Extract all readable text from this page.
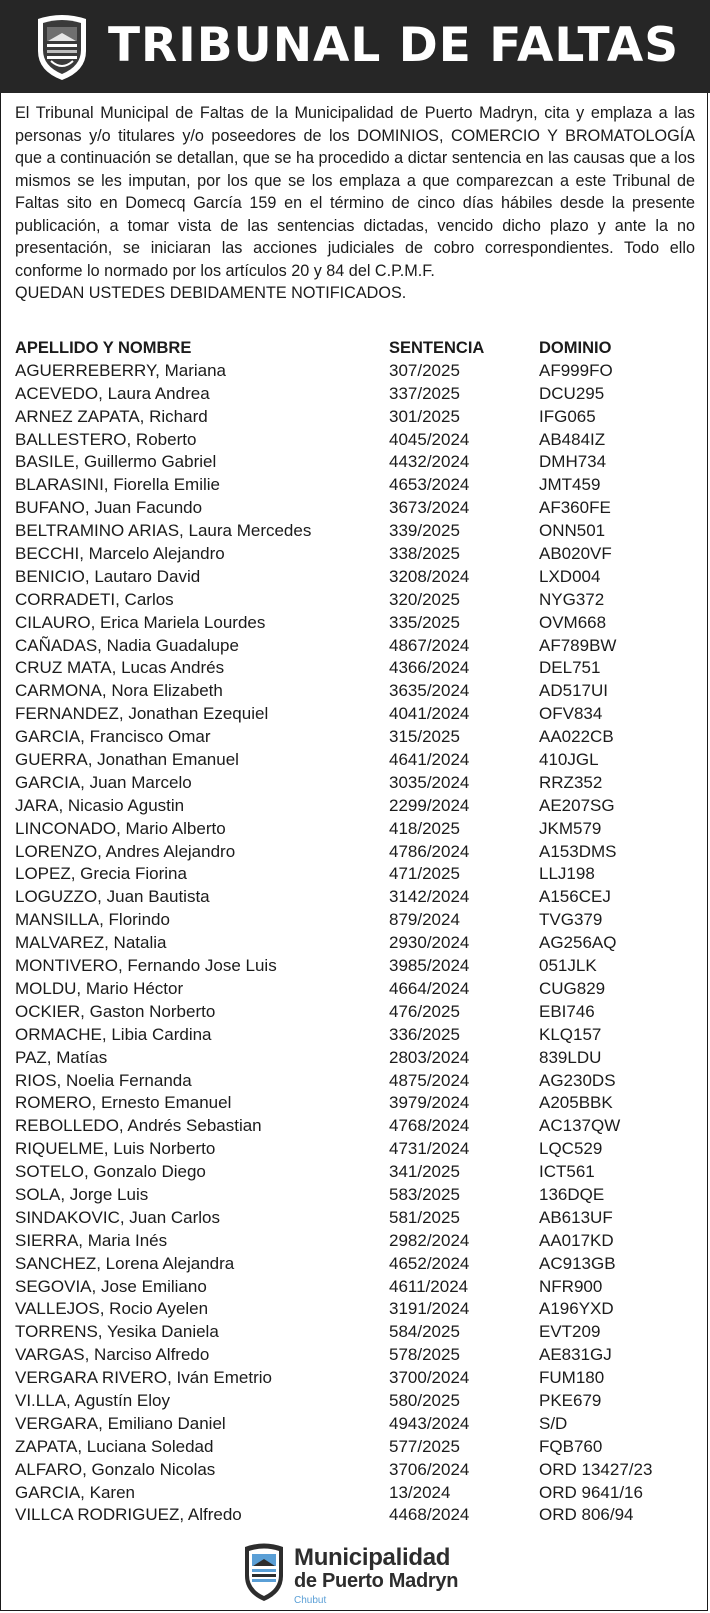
TRIBUNAL DE FALTAS

El Tribunal Municipal de Faltas de la Municipalidad de Puerto Madryn, cita y emplaza a las personas y/o titulares y/o poseedores de los DOMINIOS, COMERCIO Y BROMATOLOGÍA que a continuación se detallan, que se ha procedido a dictar sentencia en las causas que a los mismos se les imputan, por los que se los emplaza a que comparezcan a este Tribunal de Faltas sito en Domecq García 159 en el término de cinco días hábiles desde la presente publicación, a tomar vista de las sentencias dictadas, vencido dicho plazo y ante la no presentación, se iniciaran las acciones judiciales de cobro correspondientes. Todo ello conforme lo normado por los artículos 20 y 84 del C.P.M.F.

QUEDAN USTEDES DEBIDAMENTE NOTIFICADOS.

APELLIDO Y NOMBRE	SENTENCIA	DOMINIO
AGUERREBERRY, Mariana	307/2025	AF999FO
ACEVEDO, Laura Andrea	337/2025	DCU295
ARNEZ ZAPATA, Richard	301/2025	IFG065
BALLESTERO, Roberto	4045/2024	AB484IZ
BASILE, Guillermo Gabriel	4432/2024	DMH734
BLARASINI, Fiorella Emilie	4653/2024	JMT459
BUFANO, Juan Facundo	3673/2024	AF360FE
BELTRAMINO ARIAS, Laura Mercedes	339/2025	ONN501
BECCHI, Marcelo Alejandro	338/2025	AB020VF
BENICIO, Lautaro David	3208/2024	LXD004
CORRADETI, Carlos	320/2025	NYG372
CILAURO, Erica Mariela Lourdes	335/2025	OVM668
CAÑADAS, Nadia Guadalupe	4867/2024	AF789BW
CRUZ MATA, Lucas Andrés	4366/2024	DEL751
CARMONA, Nora Elizabeth	3635/2024	AD517UI
FERNANDEZ, Jonathan Ezequiel	4041/2024	OFV834
GARCIA, Francisco Omar	315/2025	AA022CB
GUERRA, Jonathan Emanuel	4641/2024	410JGL
GARCIA, Juan Marcelo	3035/2024	RRZ352
JARA, Nicasio Agustin	2299/2024	AE207SG
LINCONADO, Mario Alberto	418/2025	JKM579
LORENZO, Andres Alejandro	4786/2024	A153DMS
LOPEZ, Grecia Fiorina	471/2025	LLJ198
LOGUZZO, Juan Bautista	3142/2024	A156CEJ
MANSILLA, Florindo	879/2024	TVG379
MALVAREZ, Natalia	2930/2024	AG256AQ
MONTIVERO, Fernando Jose Luis	3985/2024	051JLK
MOLDU, Mario Héctor	4664/2024	CUG829
OCKIER, Gaston Norberto	476/2025	EBI746
ORMACHE, Libia Cardina	336/2025	KLQ157
PAZ, Matías	2803/2024	839LDU
RIOS, Noelia Fernanda	4875/2024	AG230DS
ROMERO, Ernesto Emanuel	3979/2024	A205BBK
REBOLLEDO, Andrés Sebastian	4768/2024	AC137QW
RIQUELME, Luis Norberto	4731/2024	LQC529
SOTELO, Gonzalo Diego	341/2025	ICT561
SOLA, Jorge Luis	583/2025	136DQE
SINDAKOVIC, Juan Carlos	581/2025	AB613UF
SIERRA, Maria Inés	2982/2024	AA017KD
SANCHEZ, Lorena Alejandra	4652/2024	AC913GB
SEGOVIA, Jose Emiliano	4611/2024	NFR900
VALLEJOS, Rocio Ayelen	3191/2024	A196YXD
TORRENS, Yesika Daniela	584/2025	EVT209
VARGAS, Narciso Alfredo	578/2025	AE831GJ
VERGARA RIVERO, Iván Emetrio	3700/2024	FUM180
VI.LLA, Agustín Eloy	580/2025	PKE679
VERGARA, Emiliano Daniel	4943/2024	S/D
ZAPATA, Luciana Soledad	577/2025	FQB760
ALFARO, Gonzalo Nicolas	3706/2024	ORD 13427/23
GARCIA, Karen	13/2024	ORD 9641/16
VILLCA RODRIGUEZ, Alfredo	4468/2024	ORD 806/94
Municipalidad
de Puerto Madryn
Chubut
